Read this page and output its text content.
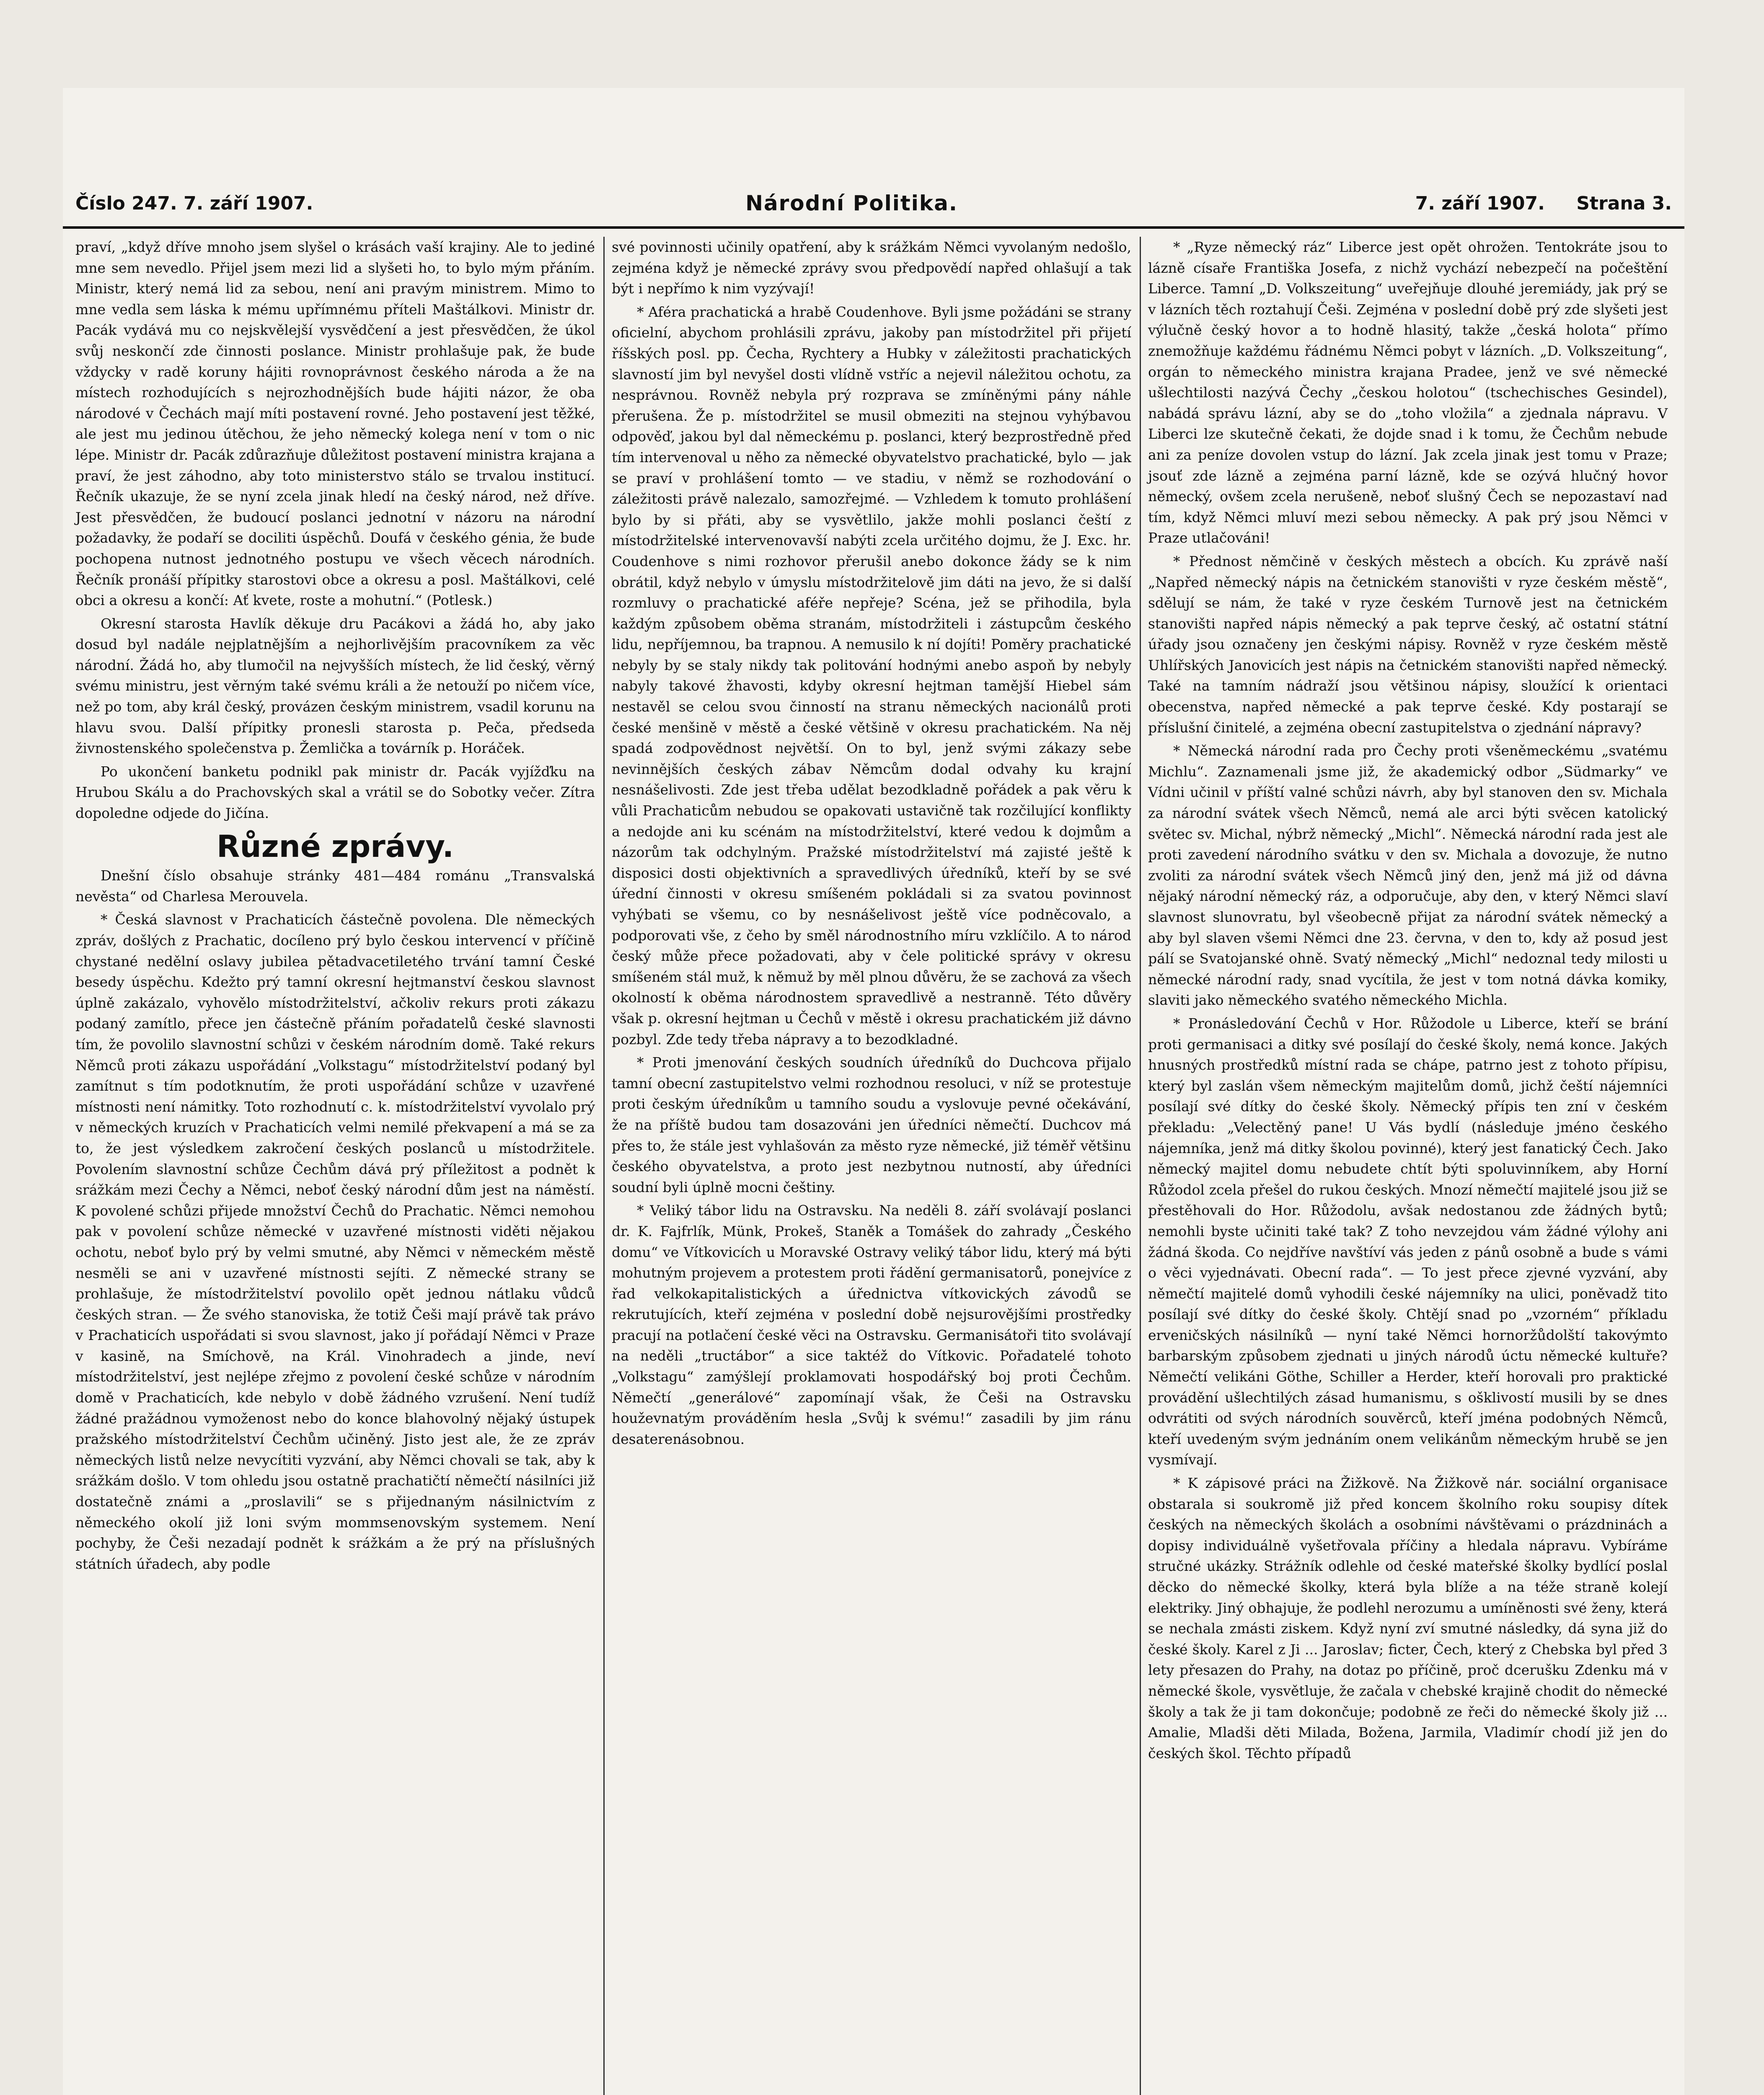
Číslo 247. 7. září 1907.	Národní Politika.	7. září 1907. Strana 3.

praví, „když dříve mnoho jsem slyšel o krásách vaší krajiny. Ale to jediné mne sem nevedlo. Přijel jsem mezi lid a slyšeti ho, to bylo mým přáním. Ministr, který nemá lid za sebou, není ani pravým ministrem. Mimo to mne vedla sem láska k mému upřímnému příteli Maštálkovi. Ministr dr. Pacák vydává mu co nejskvělejší vysvědčení a jest přesvědčen, že úkol svůj neskončí zde činnosti poslance. Ministr prohlašuje pak, že bude vždycky v radě koruny hájiti rovnoprávnost českého národa a že na místech rozhodujících s nejrozhodnějších bude hájiti názor, že oba národové v Čechách mají míti postavení rovné. Jeho postavení jest těžké, ale jest mu jedinou útěchou, že jeho německý kolega není v tom o nic lépe. Ministr dr. Pacák zdůrazňuje důležitost postavení ministra krajana a praví, že jest záhodno, aby toto ministerstvo stálo se trvalou institucí. Řečník ukazuje, že se nyní zcela jinak hledí na český národ, než dříve. Jest přesvědčen, že budoucí poslanci jednotní v názoru na národní požadavky, že podaří se dociliti úspěchů. Doufá v českého génia, že bude pochopena nutnost jednotného postupu ve všech věcech národních. Řečník pronáší přípitky starostovi obce a okresu a posl. Maštálkovi, celé obci a okresu a končí: Ať kvete, roste a mohutní.“ (Potlesk.)

Okresní starosta Havlík děkuje dru Pacákovi a žádá ho, aby jako dosud byl nadále nejplatnějším a nejhorlivějším pracovníkem za věc národní. Žádá ho, aby tlumočil na nejvyšších místech, že lid český, věrný svému ministru, jest věrným také svému králi a že netouží po ničem více, než po tom, aby král český, provázen českým ministrem, vsadil korunu na hlavu svou. Další přípitky pronesli starosta p. Peča, předseda živnostenského společenstva p. Žemlička a továrník p. Horáček.

Po ukončení banketu podnikl pak ministr dr. Pacák vyjížďku na Hrubou Skálu a do Prachovských skal a vrátil se do Sobotky večer. Zítra dopoledne odjede do Jičína.

Různé zprávy.

Dnešní číslo obsahuje stránky 481—484 románu „Transvalská nevěsta“ od Charlesa Merouvela.

* Česká slavnost v Prachaticích částečně povolena. Dle německých zpráv, došlých z Prachatic, docíleno prý bylo českou intervencí v příčině chystané nedělní oslavy jubilea pětadvacetiletého trvání tamní České besedy úspěchu. Kdežto prý tamní okresní hejtmanství českou slavnost úplně zakázalo, vyhovělo místodržitelství, ačkoliv rekurs proti zákazu podaný zamítlo, přece jen částečně přáním pořadatelů české slavnosti tím, že povolilo slavnostní schůzi v českém národním domě. Také rekurs Němců proti zákazu uspořádání „Volkstagu“ místodržitelství podaný byl zamítnut s tím podotknutím, že proti uspořádání schůze v uzavřené místnosti není námitky. Toto rozhodnutí c. k. místodržitelství vyvolalo prý v německých kruzích v Prachaticích velmi nemilé překvapení a má se za to, že jest výsledkem zakročení českých poslanců u místodržitele. Povolením slavnostní schůze Čechům dává prý příležitost a podnět k srážkám mezi Čechy a Němci, neboť český národní dům jest na náměstí. K povolené schůzi přijede množství Čechů do Prachatic. Němci nemohou pak v povolení schůze německé v uzavřené místnosti viděti nějakou ochotu, neboť bylo prý by velmi smutné, aby Němci v německém městě nesměli se ani v uzavřené místnosti sejíti. Z německé strany se prohlašuje, že místodržitelství povolilo opět jednou nátlaku vůdců českých stran. — Že svého stanoviska, že totiž Češi mají právě tak právo v Prachaticích uspořádati si svou slavnost, jako jí pořádají Němci v Praze v kasině, na Smíchově, na Král. Vinohradech a jinde, neví místodržitelství, jest nejlépe zřejmo z povolení české schůze v národním domě v Prachaticích, kde nebylo v době žádného vzrušení. Není tudíž žádné pražádnou vymoženost nebo do konce blahovolný nějaký ústupek pražského místodržitelství Čechům učiněný. Jisto jest ale, že ze zpráv německých listů nelze nevycítiti vyzvání, aby Němci chovali se tak, aby k srážkám došlo. V tom ohledu jsou ostatně prachatičtí němečtí násilníci již dostatečně známi a „proslavili“ se s přijednaným násilnictvím z německého okolí již loni svým mommsenovským systemem. Není pochyby, že Češi nezadají podnět k srážkám a že prý na příslušných státních úřadech, aby podle

své povinnosti učinily opatření, aby k srážkám Němci vyvolaným nedošlo, zejména když je německé zprávy svou předpovědí napřed ohlašují a tak být i nepřímo k nim vyzývají!

* Aféra prachatická a hrabě Coudenhove. Byli jsme požádáni se strany oficielní, abychom prohlásili zprávu, jakoby pan místodržitel při přijetí říšských posl. pp. Čecha, Rychtery a Hubky v záležitosti prachatických slavností jim byl nevyšel dosti vlídně vstříc a nejevil náležitou ochotu, za nesprávnou. Rovněž nebyla prý rozprava se zmíněnými pány náhle přerušena. Že p. místodržitel se musil obmeziti na stejnou vyhýbavou odpověď, jakou byl dal německému p. poslanci, který bezprostředně před tím intervenoval u něho za německé obyvatelstvo prachatické, bylo — jak se praví v prohlášení tomto — ve stadiu, v němž se rozhodování o záležitosti právě nalezalo, samozřejmé. — Vzhledem k tomuto prohlášení bylo by si přáti, aby se vysvětlilo, jakže mohli poslanci čeští z místodržitelské intervenovavší nabýti zcela určitého dojmu, že J. Exc. hr. Coudenhove s nimi rozhovor přerušil anebo dokonce žády se k nim obrátil, když nebylo v úmyslu místodržitelově jim dáti na jevo, že si další rozmluvy o prachatické aféře nepřeje? Scéna, jež se přihodila, byla každým způsobem oběma stranám, místodržiteli i zástupcům českého lidu, nepříjemnou, ba trapnou. A nemusilo k ní dojíti! Poměry prachatické nebyly by se staly nikdy tak politování hodnými anebo aspoň by nebyly nabyly takové žhavosti, kdyby okresní hejtman tamější Hiebel sám nestavěl se celou svou činností na stranu německých nacionálů proti české menšině v městě a české většině v okresu prachatickém. Na něj spadá zodpovědnost největší. On to byl, jenž svými zákazy sebe nevinnějších českých zábav Němcům dodal odvahy ku krajní nesnášelivosti. Zde jest třeba udělat bezodkladně pořádek a pak věru k vůli Prachaticům nebudou se opakovati ustavičně tak rozčilující konflikty a nedojde ani ku scénám na místodržitelství, které vedou k dojmům a názorům tak odchylným. Pražské místodržitelství má zajisté ještě k disposici dosti objektivních a spravedlivých úředníků, kteří by se své úřední činnosti v okresu smíšeném pokládali si za svatou povinnost vyhýbati se všemu, co by nesnášelivost ještě více podněcovalo, a podporovati vše, z čeho by směl národnostního míru vzklíčilo. A to národ český může přece požadovati, aby v čele politické správy v okresu smíšeném stál muž, k němuž by měl plnou důvěru, že se zachová za všech okolností k oběma národnostem spravedlivě a nestranně. Této důvěry však p. okresní hejtman u Čechů v městě i okresu prachatickém již dávno pozbyl. Zde tedy třeba nápravy a to bezodkladné.

* Proti jmenování českých soudních úředníků do Duchcova přijalo tamní obecní zastupitelstvo velmi rozhodnou resoluci, v níž se protestuje proti českým úředníkům u tamního soudu a vyslovuje pevné očekávání, že na příště budou tam dosazováni jen úředníci němečtí. Duchcov má přes to, že stále jest vyhlašován za město ryze německé, již téměř většinu českého obyvatelstva, a proto jest nezbytnou nutností, aby úředníci soudní byli úplně mocni češtiny.

* Veliký tábor lidu na Ostravsku. Na neděli 8. září svolávají poslanci dr. K. Fajfrlík, Münk, Prokeš, Staněk a Tomášek do zahrady „Českého domu“ ve Vítkovicích u Moravské Ostravy veliký tábor lidu, který má býti mohutným projevem a protestem proti řádění germanisatorů, ponejvíce z řad velkokapitalistických a úřednictva vítkovických závodů se rekrutujících, kteří zejména v poslední době nejsurovějšími prostředky pracují na potlačení české věci na Ostravsku. Germanisátoři tito svolávají na neděli „tructábor“ a sice taktéž do Vítkovic. Pořadatelé tohoto „Volkstagu“ zamýšlejí proklamovati hospodářský boj proti Čechům. Němečtí „generálové“ zapomínají však, že Češi na Ostravsku houževnatým prováděním hesla „Svůj k svému!“ zasadili by jim ránu desaterenásobnou.

* „Ryze německý ráz“ Liberce jest opět ohrožen. Tentokráte jsou to lázně císaře Františka Josefa, z nichž vychází nebezpečí na počeštění Liberce. Tamní „D. Volkszeitung“ uveřejňuje dlouhé jeremiády, jak prý se v lázních těch roztahují Češi. Zejména v poslední době prý zde slyšeti jest výlučně český hovor a to hodně hlasitý, takže „česká holota“ přímo znemožňuje každému řádnému Němci pobyt v lázních. „D. Volkszeitung“, orgán to německého ministra krajana Pradee, jenž ve své německé ušlechtilosti nazývá Čechy „českou holotou“ (tschechisches Gesindel), nabádá správu lázní, aby se do „toho vložila“ a zjednala nápravu. V Liberci lze skutečně čekati, že dojde snad i k tomu, že Čechům nebude ani za peníze dovolen vstup do lázní. Jak zcela jinak jest tomu v Praze; jsouť zde lázně a zejména parní lázně, kde se ozývá hlučný hovor německý, ovšem zcela nerušeně, neboť slušný Čech se nepozastaví nad tím, když Němci mluví mezi sebou německy. A pak prý jsou Němci v Praze utlačováni!

* Přednost němčině v českých městech a obcích. Ku zprávě naší „Napřed německý nápis na četnickém stanovišti v ryze českém městě“, sdělují se nám, že také v ryze českém Turnově jest na četnickém stanovišti napřed nápis německý a pak teprve český, ač ostatní státní úřady jsou označeny jen českými nápisy. Rovněž v ryze českém městě Uhlířských Janovicích jest nápis na četnickém stanovišti napřed německý. Také na tamním nádraží jsou většinou nápisy, sloužící k orientaci obecenstva, napřed německé a pak teprve české. Kdy postarají se příslušní činitelé, a zejména obecní zastupitelstva o zjednání nápravy?

* Německá národní rada pro Čechy proti všeněmeckému „svatému Michlu“. Zaznamenali jsme již, že akademický odbor „Südmarky“ ve Vídni učinil v příští valné schůzi návrh, aby byl stanoven den sv. Michala za národní svátek všech Němců, nemá ale arci býti svěcen katolický světec sv. Michal, nýbrž německý „Michl“. Německá národní rada jest ale proti zavedení národního svátku v den sv. Michala a dovozuje, že nutno zvoliti za národní svátek všech Němců jiný den, jenž má již od dávna nějaký národní německý ráz, a odporučuje, aby den, v který Němci slaví slavnost slunovratu, byl všeobecně přijat za národní svátek německý a aby byl slaven všemi Němci dne 23. června, v den to, kdy až posud jest pálí se Svatojanské ohně. Svatý německý „Michl“ nedoznal tedy milosti u německé národní rady, snad vycítila, že jest v tom notná dávka komiky, slaviti jako německého svatého německého Michla.

* Pronásledování Čechů v Hor. Růžodole u Liberce, kteří se brání proti germanisaci a ditky své posílají do české školy, nemá konce. Jakých hnusných prostředků místní rada se chápe, patrno jest z tohoto přípisu, který byl zaslán všem německým majitelům domů, jichž čeští nájemníci posílají své dítky do české školy. Německý přípis ten zní v českém překladu: „Velectěný pane! U Vás bydlí (následuje jméno českého nájemníka, jenž má ditky školou povinné), který jest fanatický Čech. Jako německý majitel domu nebudete chtít býti spoluvinníkem, aby Horní Růžodol zcela přešel do rukou českých. Mnozí němečtí majitelé jsou již se přestěhovali do Hor. Růžodolu, avšak nedostanou zde žádných bytů; nemohli byste učiniti také tak? Z toho nevzejdou vám žádné výlohy ani žádná škoda. Co nejdříve navštíví vás jeden z pánů osobně a bude s vámi o věci vyjednávati. Obecní rada“. — To jest přece zjevné vyzvání, aby němečtí majitelé domů vyhodili české nájemníky na ulici, poněvadž tito posílají své dítky do české školy. Chtějí snad po „vzorném“ příkladu erveničských násilníků — nyní také Němci hornoržůdolští takovýmto barbarským způsobem zjednati u jiných národů úctu německé kultuře? Němečtí velikáni Göthe, Schiller a Herder, kteří horovali pro praktické provádění ušlechtilých zásad humanismu, s ošklivostí musili by se dnes odvrátiti od svých národních souvěrců, kteří jména podobných Němců, kteří uvedeným svým jednáním onem velikánům německým hrubě se jen vysmívají.

* K zápisové práci na Žižkově. Na Žižkově nár. sociální organisace obstarala si soukromě již před koncem školního roku soupisy dítek českých na německých školách a osobními návštěvami o prázdninách a dopisy individuálně vyšetřovala příčiny a hledala nápravu. Vybíráme stručné ukázky. Strážník odlehle od české mateřské školky bydlící poslal děcko do německé školky, která byla blíže a na téže straně kolejí elektriky. Jiný obhajuje, že podlehl nerozumu a umíněnosti své ženy, která se nechala zmásti ziskem. Když nyní zví smutné následky, dá syna již do české školy. Karel z Ji ... Jaroslav; ficter, Čech, který z Chebska byl před 3 lety přesazen do Prahy, na dotaz po příčině, proč dcerušku Zdenku má v německé škole, vysvětluje, že začala v chebské krajině chodit do německé školy a tak že ji tam dokončuje; podobně ze řeči do německé školy již ... Amalie, Mladši děti Milada, Božena, Jarmila, Vladimír chodí již jen do českých škol. Těchto případů
